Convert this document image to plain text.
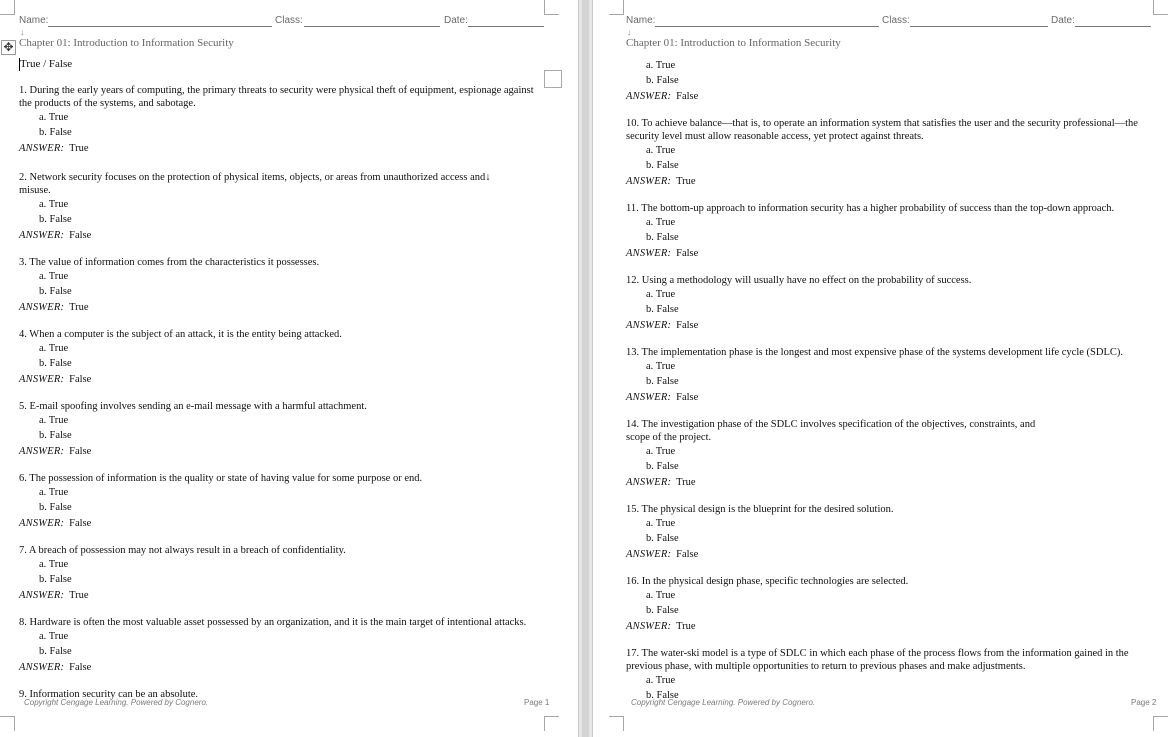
Name:	Class:	Date:
↓
✥ Chapter 01: Introduction to Information Security
True / False

1. During the early years of computing, the primary threats to security were physical theft of equipment, espionage against the products of the systems, and sabotage.

a. True
b. False
ANSWER: True

2. Network security focuses on the protection of physical items, objects, or areas from unauthorized access and↓ misuse.

a. True
b. False
ANSWER: False

3. The value of information comes from the characteristics it possesses.

a. True
b. False
ANSWER: True

4. When a computer is the subject of an attack, it is the entity being attacked.

a. True
b. False
ANSWER: False

5. E-mail spoofing involves sending an e-mail message with a harmful attachment.

a. True
b. False
ANSWER: False

6. The possession of information is the quality or state of having value for some purpose or end.

a. True
b. False
ANSWER: False

7. A breach of possession may not always result in a breach of confidentiality.

a. True
b. False
ANSWER: True

8. Hardware is often the most valuable asset possessed by an organization, and it is the main target of intentional attacks.

a. True
b. False
ANSWER: False

9. Information security can be an absolute.

Copyright Cengage Learning. Powered by Cognero.	Page 1
Name:	Class:	Date:
↓
Chapter 01: Introduction to Information Security
a. True
b. False
ANSWER: False

10. To achieve balance—that is, to operate an information system that satisfies the user and the security professional—the security level must allow reasonable access, yet protect against threats.

a. True
b. False
ANSWER: True

11. The bottom-up approach to information security has a higher probability of success than the top-down approach.

a. True
b. False
ANSWER: False

12. Using a methodology will usually have no effect on the probability of success.

a. True
b. False
ANSWER: False

13. The implementation phase is the longest and most expensive phase of the systems development life cycle (SDLC).

a. True
b. False
ANSWER: False

14. The investigation phase of the SDLC involves specification of the objectives, constraints, and scope of the project.

a. True
b. False
ANSWER: True

15. The physical design is the blueprint for the desired solution.

a. True
b. False
ANSWER: False

16. In the physical design phase, specific technologies are selected.

a. True
b. False
ANSWER: True

17. The water-ski model is a type of SDLC in which each phase of the process flows from the information gained in the previous phase, with multiple opportunities to return to previous phases and make adjustments.

a. True
b. False
Copyright Cengage Learning. Powered by Cognero.	Page 2
